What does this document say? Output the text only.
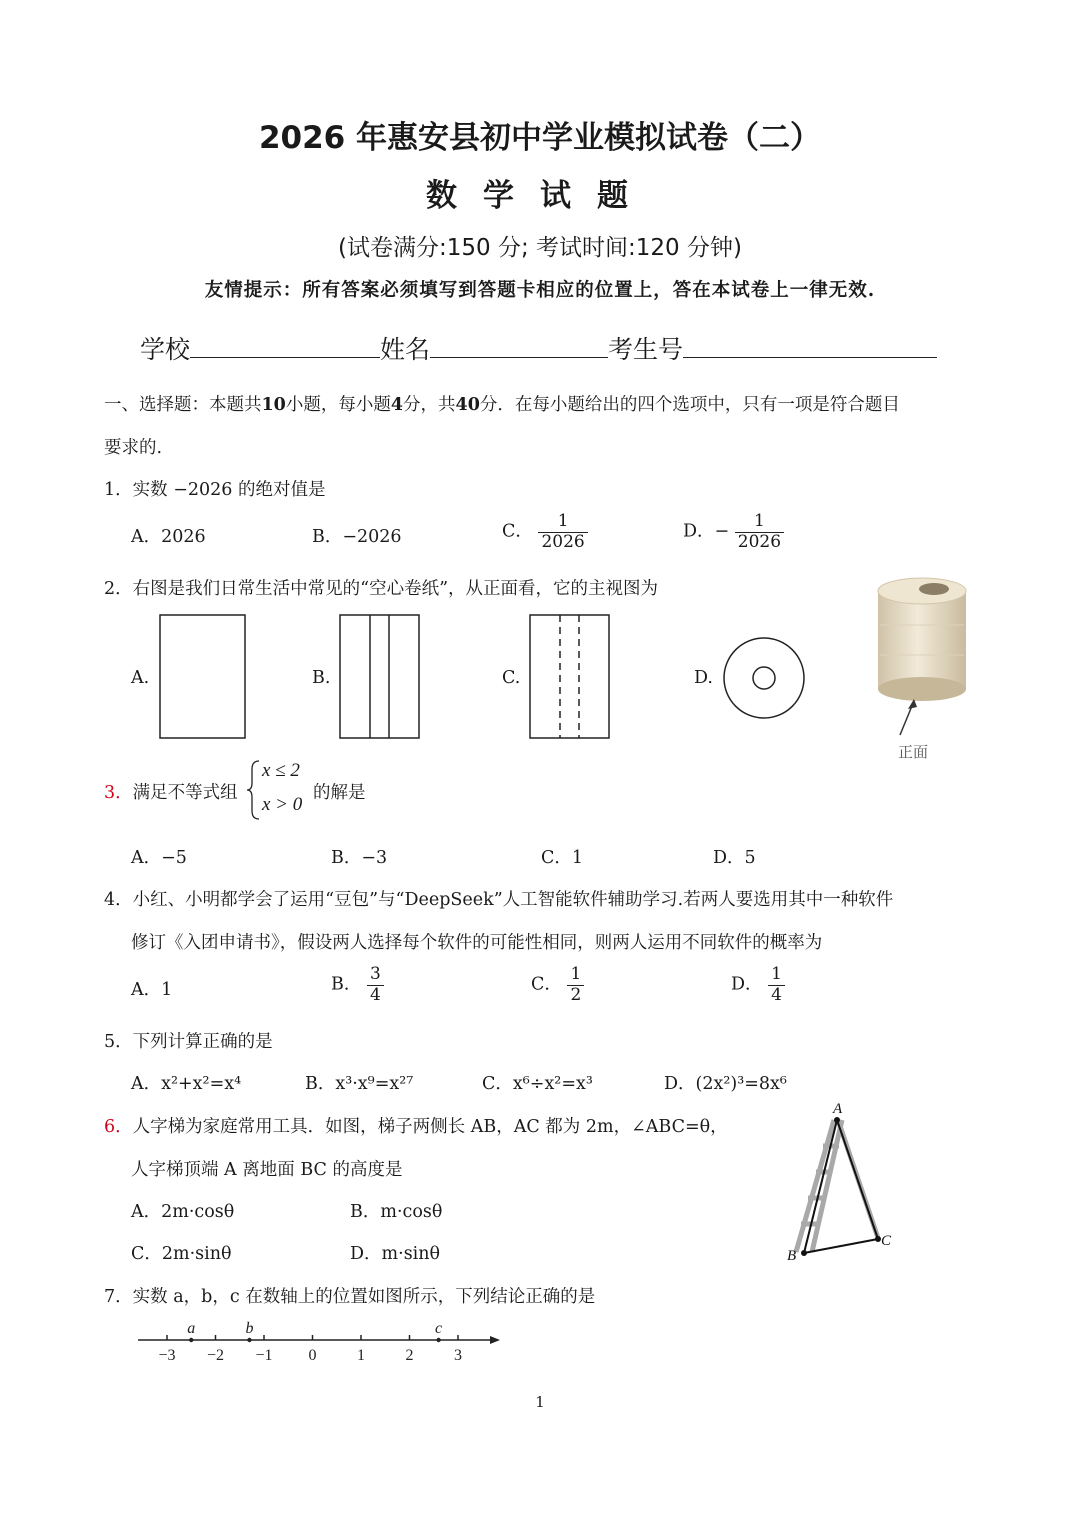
2026 年惠安县初中学业模拟试卷（二）
数学试题
(试卷满分:150 分; 考试时间:120 分钟)
友情提示：所有答案必须填写到答题卡相应的位置上，答在本试卷上一律无效.
学校	姓名	考生号
一、选择题：本题共10小题，每小题4分，共40分．在每小题给出的四个选项中，只有一项是符合题目
要求的.
1．实数 −2026 的绝对值是
A．2026	B．−2026	C． $\frac{1}{2026}$	D．− $\frac{1}{2026}$
2．右图是我们日常生活中常见的“空心卷纸”，从正面看，它的主视图为
A.	B.	C.	D.
正面
3．满足不等式组
x ≤ 2
x > 0
的解是
A．−5	B．−3	C．1	D．5
4．小红、小明都学会了运用“豆包”与“DeepSeek”人工智能软件辅助学习.若两人要选用其中一种软件
修订《入团申请书》，假设两人选择每个软件的可能性相同，则两人运用不同软件的概率为
A．1	B． $\frac{3}{4}$	C． $\frac{1}{2}$	D． $\frac{1}{4}$
5．下列计算正确的是
A．x²+x²=x⁴	B．x³·x⁹=x²⁷	C．x⁶÷x²=x³	D．(2x²)³=8x⁶
6．人字梯为家庭常用工具．如图，梯子两侧长 AB，AC 都为 2m，∠ABC=θ，
人字梯顶端 A 离地面 BC 的高度是
A．2m·cosθ	B．m·cosθ
C．2m·sinθ	D．m·sinθ
A
B
C
7．实数 a，b，c 在数轴上的位置如图所示，下列结论正确的是
−3 −2 −1 0	1	2	3
a	b	c
1
